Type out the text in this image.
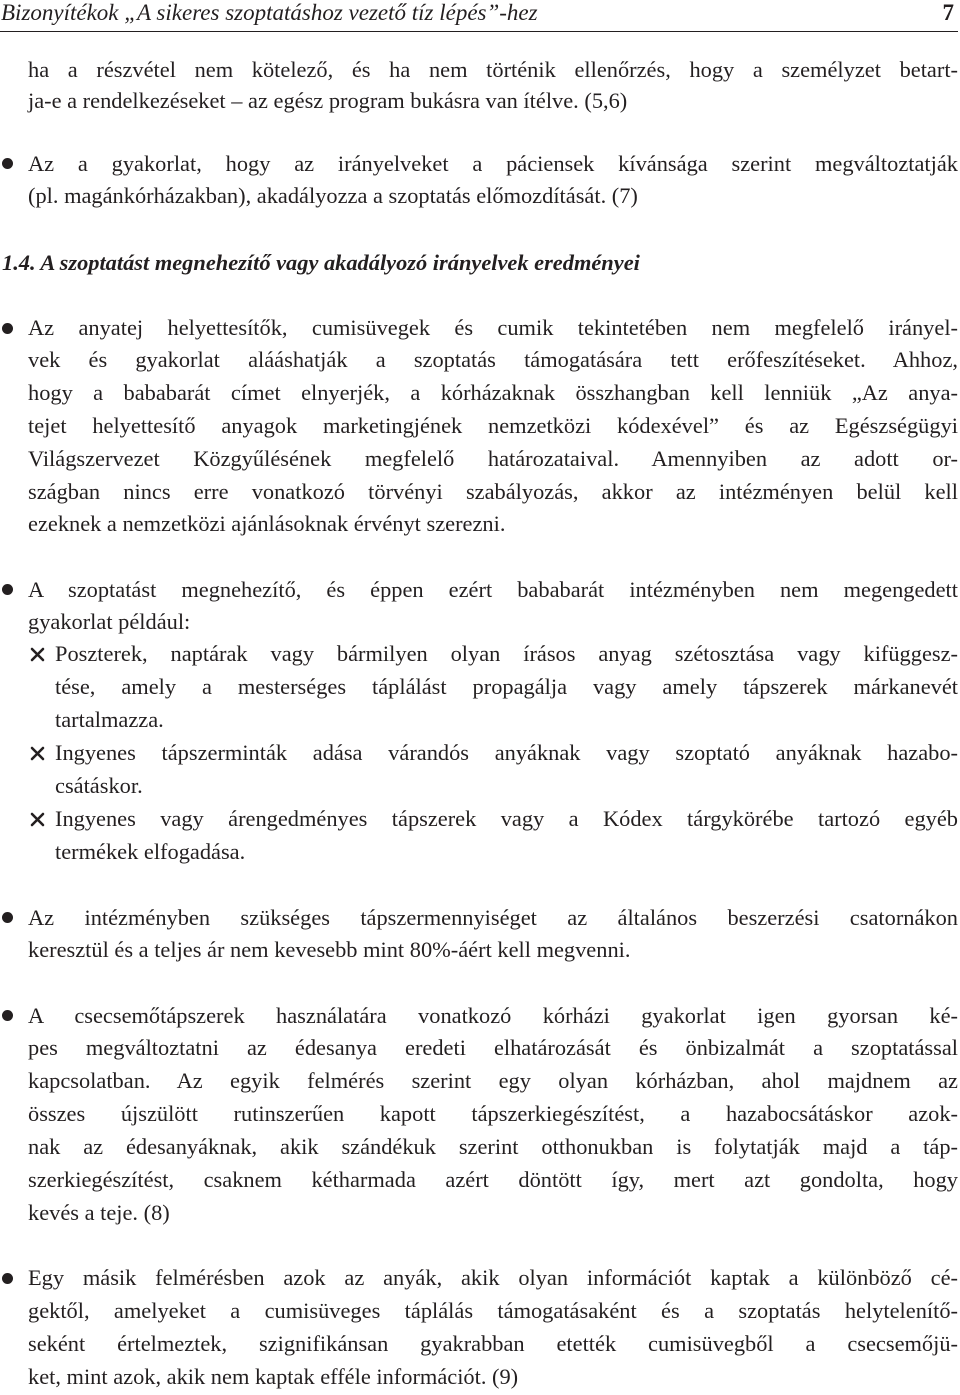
Bizonyítékok „A sikeres szoptatáshoz vezető tíz lépés”-hez	7
ha a részvétel nem kötelező, és ha nem történik ellenőrzés, hogy a személyzet betart-
ja-e a rendelkezéseket – az egész program bukásra van ítélve. (5,6)
Az a gyakorlat, hogy az irányelveket a páciensek kívánsága szerint megváltoztatják
(pl. magánkórházakban), akadályozza a szoptatás előmozdítását. (7)
1.4. A szoptatást megnehezítő vagy akadályozó irányelvek eredményei
Az anyatej helyettesítők, cumisüvegek és cumik tekintetében nem megfelelő irányel-
vek és gyakorlat alááshatják a szoptatás támogatására tett erőfeszítéseket. Ahhoz,
hogy a bababarát címet elnyerjék, a kórházaknak összhangban kell lenniük „Az anya-
tejet helyettesítő anyagok marketingjének nemzetközi kódexével” és az Egészségügyi
Világszervezet Közgyűlésének megfelelő határozataival. Amennyiben az adott or-
szágban nincs erre vonatkozó törvényi szabályozás, akkor az intézményen belül kell
ezeknek a nemzetközi ajánlásoknak érvényt szerezni.
A szoptatást megnehezítő, és éppen ezért bababarát intézményben nem megengedett
gyakorlat például:
Poszterek, naptárak vagy bármilyen olyan írásos anyag szétosztása vagy kifüggesz-
tése, amely a mesterséges táplálást propagálja vagy amely tápszerek márkanevét
tartalmazza.
Ingyenes tápszerminták adása várandós anyáknak vagy szoptató anyáknak hazabo-
csátáskor.
Ingyenes vagy árengedményes tápszerek vagy a Kódex tárgykörébe tartozó egyéb
termékek elfogadása.
Az intézményben szükséges tápszermennyiséget az általános beszerzési csatornákon
keresztül és a teljes ár nem kevesebb mint 80%-áért kell megvenni.
A csecsemőtápszerek használatára vonatkozó kórházi gyakorlat igen gyorsan ké-
pes megváltoztatni az édesanya eredeti elhatározását és önbizalmát a szoptatással
kapcsolatban. Az egyik felmérés szerint egy olyan kórházban, ahol majdnem az
összes újszülött rutinszerűen kapott tápszerkiegészítést, a hazabocsátáskor azok-
nak az édesanyáknak, akik szándékuk szerint otthonukban is folytatják majd a táp-
szerkiegészítést, csaknem kétharmada azért döntött így, mert azt gondolta, hogy
kevés a teje. (8)
Egy másik felmérésben azok az anyák, akik olyan információt kaptak a különböző cé-
gektől, amelyeket a cumisüveges táplálás támogatásaként és a szoptatás helytelenítő-
seként értelmeztek, szignifikánsan gyakrabban etették cumisüvegből a csecsemőjü-
ket, mint azok, akik nem kaptak efféle információt. (9)
